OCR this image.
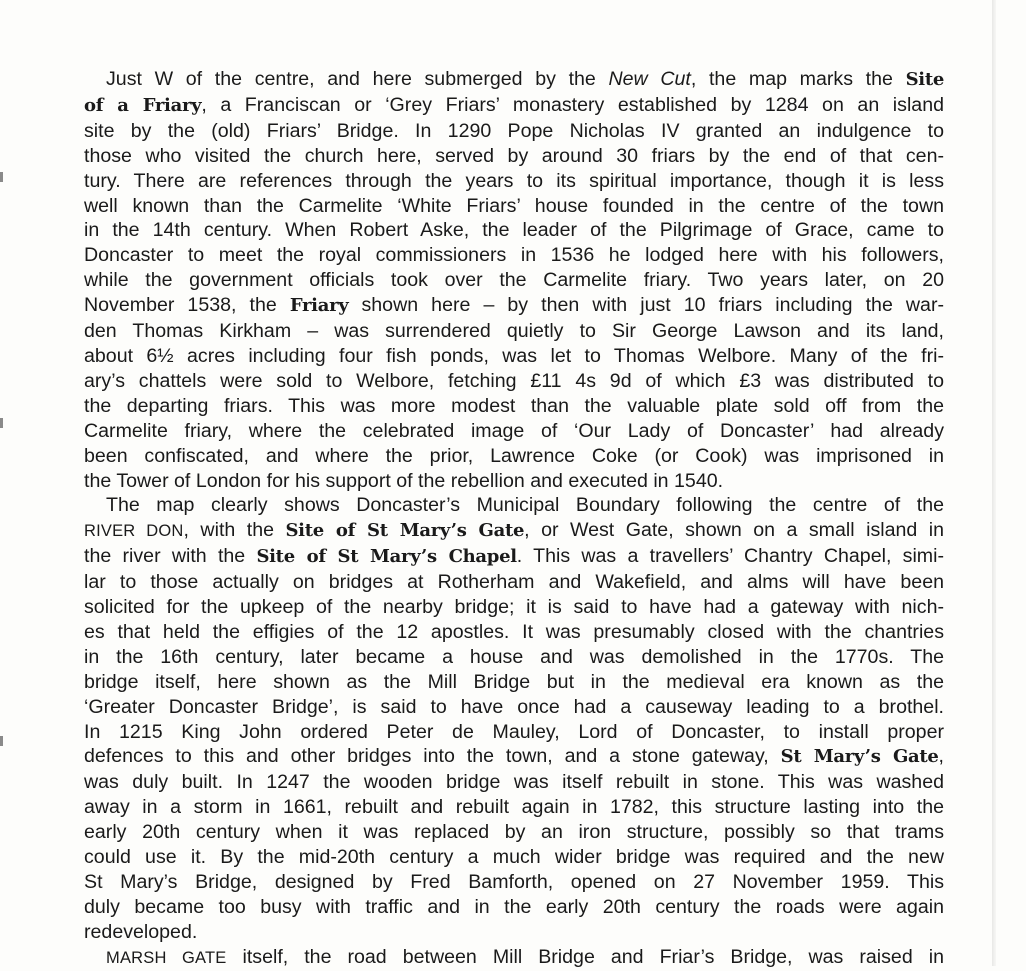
Just W of the centre, and here submerged by the New Cut, the map marks the Site
of a Friary, a Franciscan or ‘Grey Friars’ monastery established by 1284 on an island
site by the (old) Friars’ Bridge. In 1290 Pope Nicholas IV granted an indulgence to
those who visited the church here, served by around 30 friars by the end of that cen-
tury. There are references through the years to its spiritual importance, though it is less
well known than the Carmelite ‘White Friars’ house founded in the centre of the town
in the 14th century. When Robert Aske, the leader of the Pilgrimage of Grace, came to
Doncaster to meet the royal commissioners in 1536 he lodged here with his followers,
while the government officials took over the Carmelite friary. Two years later, on 20
November 1538, the Friary shown here – by then with just 10 friars including the war-
den Thomas Kirkham – was surrendered quietly to Sir George Lawson and its land,
about 6½ acres including four fish ponds, was let to Thomas Welbore. Many of the fri-
ary’s chattels were sold to Welbore, fetching £11 4s 9d of which £3 was distributed to
the departing friars. This was more modest than the valuable plate sold off from the
Carmelite friary, where the celebrated image of ‘Our Lady of Doncaster’ had already
been confiscated, and where the prior, Lawrence Coke (or Cook) was imprisoned in
the Tower of London for his support of the rebellion and executed in 1540.
The map clearly shows Doncaster’s Municipal Boundary following the centre of the
RIVER DON, with the Site of St Mary’s Gate, or West Gate, shown on a small island in
the river with the Site of St Mary’s Chapel. This was a travellers’ Chantry Chapel, simi-
lar to those actually on bridges at Rotherham and Wakefield, and alms will have been
solicited for the upkeep of the nearby bridge; it is said to have had a gateway with nich-
es that held the effigies of the 12 apostles. It was presumably closed with the chantries
in the 16th century, later became a house and was demolished in the 1770s. The
bridge itself, here shown as the Mill Bridge but in the medieval era known as the
‘Greater Doncaster Bridge’, is said to have once had a causeway leading to a brothel.
In 1215 King John ordered Peter de Mauley, Lord of Doncaster, to install proper
defences to this and other bridges into the town, and a stone gateway, St Mary’s Gate,
was duly built. In 1247 the wooden bridge was itself rebuilt in stone. This was washed
away in a storm in 1661, rebuilt and rebuilt again in 1782, this structure lasting into the
early 20th century when it was replaced by an iron structure, possibly so that trams
could use it. By the mid-20th century a much wider bridge was required and the new
St Mary’s Bridge, designed by Fred Bamforth, opened on 27 November 1959. This
duly became too busy with traffic and in the early 20th century the roads were again
redeveloped.
MARSH GATE itself, the road between Mill Bridge and Friar’s Bridge, was raised in
